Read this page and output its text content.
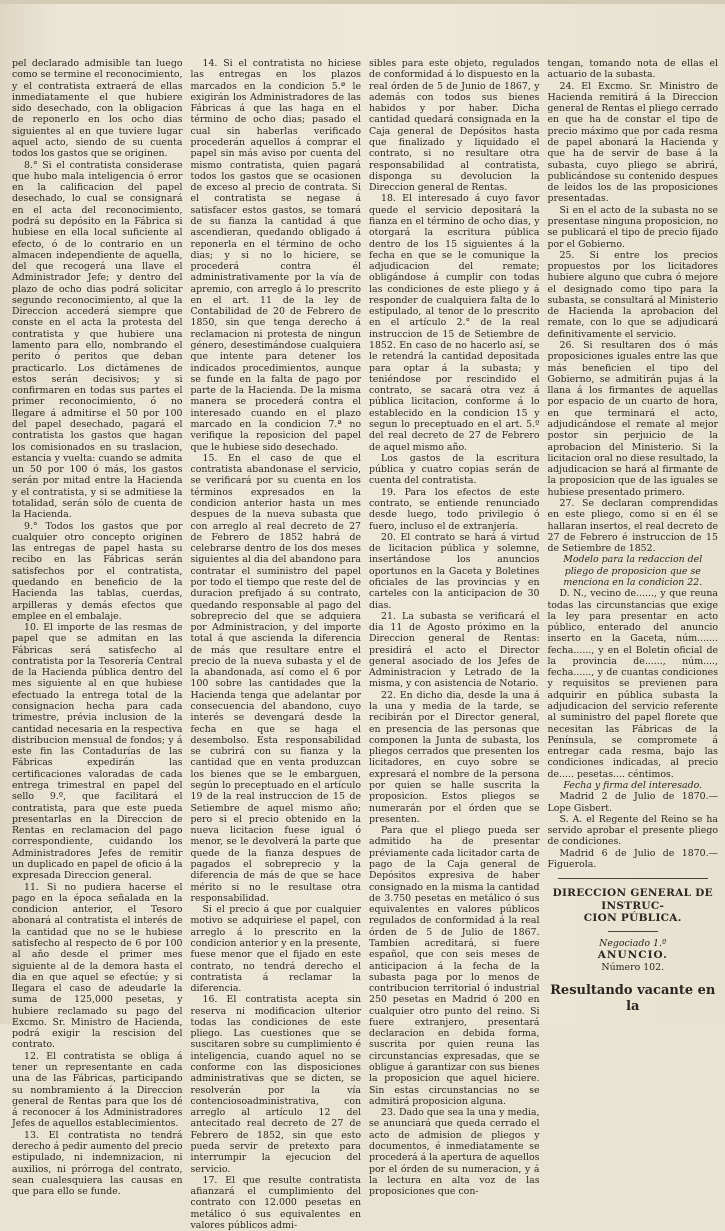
pel declarado admisible tan luego como se termine el reconocimiento, y el contratista extraerá de ellas inmediatamente el que hubiere sido desechado, con la obligacion de reponerlo en los ocho dias siguientes al en que tuviere lugar aquel acto, siendo de su cuenta todos los gastos que se originen.

8.° Si el contratista considerase que hubo mala inteligencia ó error en la calificacion del papel desechado, lo cual se consignará en el acta del reconocimiento, podrá su depósito en la Fábrica si hubiese en ella local suficiente al efecto, ó de lo contrario en un almacen independiente de aquella, del que recogerá una llave el Administrador Jefe; y dentro del plazo de ocho dias podrá solicitar segundo reconocimiento, al que la Direccion accederá siempre que conste en el acta la protesta del contratista y que hubiere una lamento para ello, nombrando el perito ó peritos que deban practicarlo. Los dictámenes de estos serán decisivos; y si confirmaren en todas sus partes el primer reconocimiento, ó no llegare á admitirse el 50 por 100 del papel desechado, pagará el contratista los gastos que hagan los comisionados en su traslacion, estancia y vuelta: cuando se admita un 50 por 100 ó más, los gastos serán por mitad entre la Hacienda y el contratista, y si se admitiese la totalidad, serán sólo de cuenta de la Hacienda.

9.° Todos los gastos que por cualquier otro concepto originen las entregas de papel hasta su recibo en las Fábricas serán satisfechos por el contratista, quedando en beneficio de la Hacienda las tablas, cuerdas, arpilleras y demás efectos que emplee en el embalaje.

10. El importe de las resmas de papel que se admitan en las Fábricas será satisfecho al contratista por la Tesorería Central de la Hacienda pública dentro del mes siguiente al en que hubiese efectuado la entrega total de la consignacion hecha para cada trimestre, prévia inclusion de la cantidad necesaria en la respectiva distribucion mensual de fondos; y á este fin las Contadurías de las Fábricas expedirán las certificaciones valoradas de cada entrega trimestral en papel del sello 9.º, que facilitará el contratista, para que este pueda presentarlas en la Direccion de Rentas en reclamacion del pago correspondiente, cuidando los Administradores Jefes de remitir un duplicado en papel de oficio á la expresada Direccion general.

11. Si no pudiera hacerse el pago en la época señalada en la condicion anterior, el Tesoro abonará al contratista el interés de la cantidad que no se le hubiese satisfecho al respecto de 6 por 100 al año desde el primer mes siguiente al de la demora hasta el dia en que aquel se efectúe; y si llegara el caso de adeudarle la suma de 125,000 pesetas, y hubiere reclamado su pago del Excmo. Sr. Ministro de Hacienda, podrá exigir la rescision del contrato.

12. El contratista se obliga á tener un representante en cada una de las Fábricas, participando su nombramiento á la Direccion general de Rentas para que los dé á reconocer á los Administradores Jefes de aquellos establecimientos.

13. El contratista no tendrá derecho á pedir aumento del precio estipulado, ni indemnizacion, ni auxilios, ni prórroga del contrato, sean cualesquiera las causas en que para ello se funde.

14. Si el contratista no hiciese las entregas en los plazos marcados en la condicion 5.ª le exigirán los Administradores de las Fábricas á que las haga en el término de ocho dias; pasado el cual sin haberlas verificado procederán aquellos á comprar el papel sin más aviso por cuenta del mismo contratista, quien pagará todos los gastos que se ocasionen de exceso al precio de contrata. Si el contratista se negase á satisfacer estos gastos, se tomará de su fianza la cantidad á que ascendieran, quedando obligado á reponerla en el término de ocho dias; y si no lo hiciere, se procederá contra él administrativamente por la vía de apremio, con arreglo á lo prescrito en el art. 11 de la ley de Contabilidad de 20 de Febrero de 1850, sin que tenga derecho á reclamacion ni protesta de ningun género, desestimándose cualquiera que intente para detener los indicados procedimientos, aunque se funde en la falta de pago por parte de la Hacienda. De la misma manera se procederá contra el interesado cuando en el plazo marcado en la condicion 7.ª no verifique la reposicion del papel que le hubiese sido desechado.

15. En el caso de que el contratista abandonase el servicio, se verificará por su cuenta en los términos expresados en la condicion anterior hasta un mes despues de la nueva subasta que con arreglo al real decreto de 27 de Febrero de 1852 habrá de celebrarse dentro de los dos meses siguientes al dia del abandono para contratar el suministro del papel por todo el tiempo que reste del de duracion prefijado á su contrato, quedando responsable al pago del sobreprecio del que se adquiera por Administracion, y del importe total á que ascienda la diferencia de más que resultare entre el precio de la nueva subasta y el de la abandonada, así como el 6 por 100 sobre las cantidades que la Hacienda tenga que adelantar por consecuencia del abandono, cuyo interés se devengará desde la fecha en que se haga el desembolso. Esta responsabilidad se cubrirá con su fianza y la cantidad que en venta produzcan los bienes que se le embarguen, según lo preceptuado en el artículo 19 de la real instruccion de 15 de Setiembre de aquel mismo año; pero si el precio obtenido en la nueva licitacion fuese igual ó menor, se le devolverá la parte que quede de la fianza despues de pagados el sobreprecio y la diferencia de más de que se hace mérito si no le resultase otra responsabilidad.

Si el precio á que por cualquier motivo se adquiriese el papel, con arreglo á lo prescrito en la condicion anterior y en la presente, fuese menor que el fijado en este contrato, no tendrá derecho el contratista á reclamar la diferencia.

16. El contratista acepta sin reserva ni modificacion ulterior todas las condiciones de este pliego. Las cuestiones que se suscitaren sobre su cumplimiento é inteligencia, cuando aquel no se conforme con las disposiciones administrativas que se dicten, se resolverán por la vía contenciosoadministrativa, con arreglo al artículo 12 del antecitado real decreto de 27 de Febrero de 1852, sin que esto pueda servir de pretexto para interrumpir la ejecucion del servicio.

17. El que resulte contratista afianzará el cumplimiento del contrato con 12.000 pesetas en metálico ó sus equivalentes en valores públicos admi-

sibles para este objeto, regulados de conformidad á lo dispuesto en la real órden de 5 de Junio de 1867, y además con todos sus bienes habidos y por haber. Dicha cantidad quedará consignada en la Caja general de Depósitos hasta que finalizado y liquidado el contrato, si no resultare otra responsabilidad al contratista, disponga su devolucion la Direccion general de Rentas.

18. El interesado á cuyo favor quede el servicio depositará la fianza en el término de ocho dias, y otorgará la escritura pública dentro de los 15 siguientes á la fecha en que se le comunique la adjudicacion del remate; obligándose á cumplir con todas las condiciones de este pliego y á responder de cualquiera falta de lo estipulado, al tenor de lo prescrito en el artículo 2.° de la real instruccion de 15 de Setiembre de 1852. En caso de no hacerlo así, se le retendrá la cantidad depositada para optar á la subasta; y teniéndose por rescindido el contrato, se sacará otra vez á pública licitacion, conforme á lo establecido en la condicion 15 y segun lo preceptuado en el art. 5.º del real decreto de 27 de Febrero de aquel mismo año.

Los gastos de la escritura pública y cuatro copias serán de cuenta del contratista.

19. Para los efectos de este contrato, se entiende renunciado desde luego, todo privilegio ó fuero, incluso el de extranjería.

20. El contrato se hará á virtud de licitacion pública y solemne, insertándose los anuncios oportunos en la Gaceta y Boletines oficiales de las provincias y en carteles con la anticipacion de 30 dias.

21. La subasta se verificará el dia 11 de Agosto próximo en la Direccion general de Rentas: presidirá el acto el Director general asociado de los Jefes de Administracion y Letrado de la misma, y con asistencia de Notario.

22. En dicho dia, desde la una á la una y media de la tarde, se recibirán por el Director general, en presencia de las personas que componen la Junta de subasta, los pliegos cerrados que presenten los licitadores, en cuyo sobre se expresará el nombre de la persona por quien se halle suscrita la proposicion. Estos pliegos se numerarán por el órden que se presenten.

Para que el pliego pueda ser admitido ha de presentar préviamente cada licitador carta de pago de la Caja general de Depósitos expresiva de haber consignado en la misma la cantidad de 3.750 pesetas en metálico ó sus equivalentes en valores públicos regulados de conformidad á la real órden de 5 de Julio de 1867. Tambien acreditará, si fuere español, que con seis meses de anticipacion á la fecha de la subasta paga por lo menos de contribucion territorial ó industrial 250 pesetas en Madrid ó 200 en cualquier otro punto del reino. Si fuere extranjero, presentará declaracion en debida forma, suscrita por quien reuna las circunstancias expresadas, que se obligue á garantizar con sus bienes la proposicion que aquel hiciere. Sin estas circunstancias no se admitirá proposicion alguna.

23. Dado que sea la una y media, se anunciará que queda cerrado el acto de admision de pliegos y documentos, é inmediatamente se procederá á la apertura de aquellos por el órden de su numeracion, y á la lectura en alta voz de las proposiciones que con-

tengan, tomando nota de ellas el actuario de la subasta.

24. El Excmo. Sr. Ministro de Hacienda remitirá á la Direccion general de Rentas el pliego cerrado en que ha de constar el tipo de precio máximo que por cada resma de papel abonará la Hacienda y que ha de servir de base á la subasta, cuyo pliego se abrirá, publicándose su contenido despues de leidos los de las proposiciones presentadas.

Si en el acto de la subasta no se presentase ninguna proposicion, no se publicará el tipo de precio fijado por el Gobierno.

25. Si entre los precios propuestos por los licitadores hubiere alguno que cubra ó mejore el designado como tipo para la subasta, se consultará al Ministerio de Hacienda la aprobacion del remate, con lo que se adjudicará definitivamente el servicio.

26. Si resultaren dos ó más proposiciones iguales entre las que más beneficien el tipo del Gobierno, se admitirán pujas á la llana á los firmantes de aquellas por espacio de un cuarto de hora, en que terminará el acto, adjudicándose el remate al mejor postor sin perjuicio de la aprobacion del Ministerio. Si la licitacion oral no diese resultado, la adjudicacion se hará al firmante de la proposicion que de las iguales se hubiese presentado primero.

27. Se declaran comprendidas en este pliego, como si en él se hallaran insertos, el real decreto de 27 de Febrero é instruccion de 15 de Setiembre de 1852.

Modelo para la redaccion del pliego de proposicion que se menciona en la condicion 22.

D. N., vecino de......, y que reuna todas las circunstancias que exige la ley para presentar en acto público, enterado del anuncio inserto en la Gaceta, núm....... fecha......, y en el Boletin oficial de la provincia de......, núm...., fecha......, y de cuantas condiciones y requisitos se previenen para adquirir en pública subasta la adjudicacion del servicio referente al suministro del papel florete que necesitan las Fábricas de la Península, se compromete á entregar cada resma, bajo las condiciones indicadas, al precio de..... pesetas.... céntimos.

Fecha y firma del interesado.

Madrid 2 de Julio de 1870.—Lope Gisbert.

S. A. el Regente del Reino se ha servido aprobar el presente pliego de condiciones.

Madrid 6 de Julio de 1870.—Figuerola.

DIRECCION GENERAL DE INSTRUC-
CION PÚBLICA.
Negociado 1.º
ANUNCIO.
Número 102.
Resultando vacante en la
